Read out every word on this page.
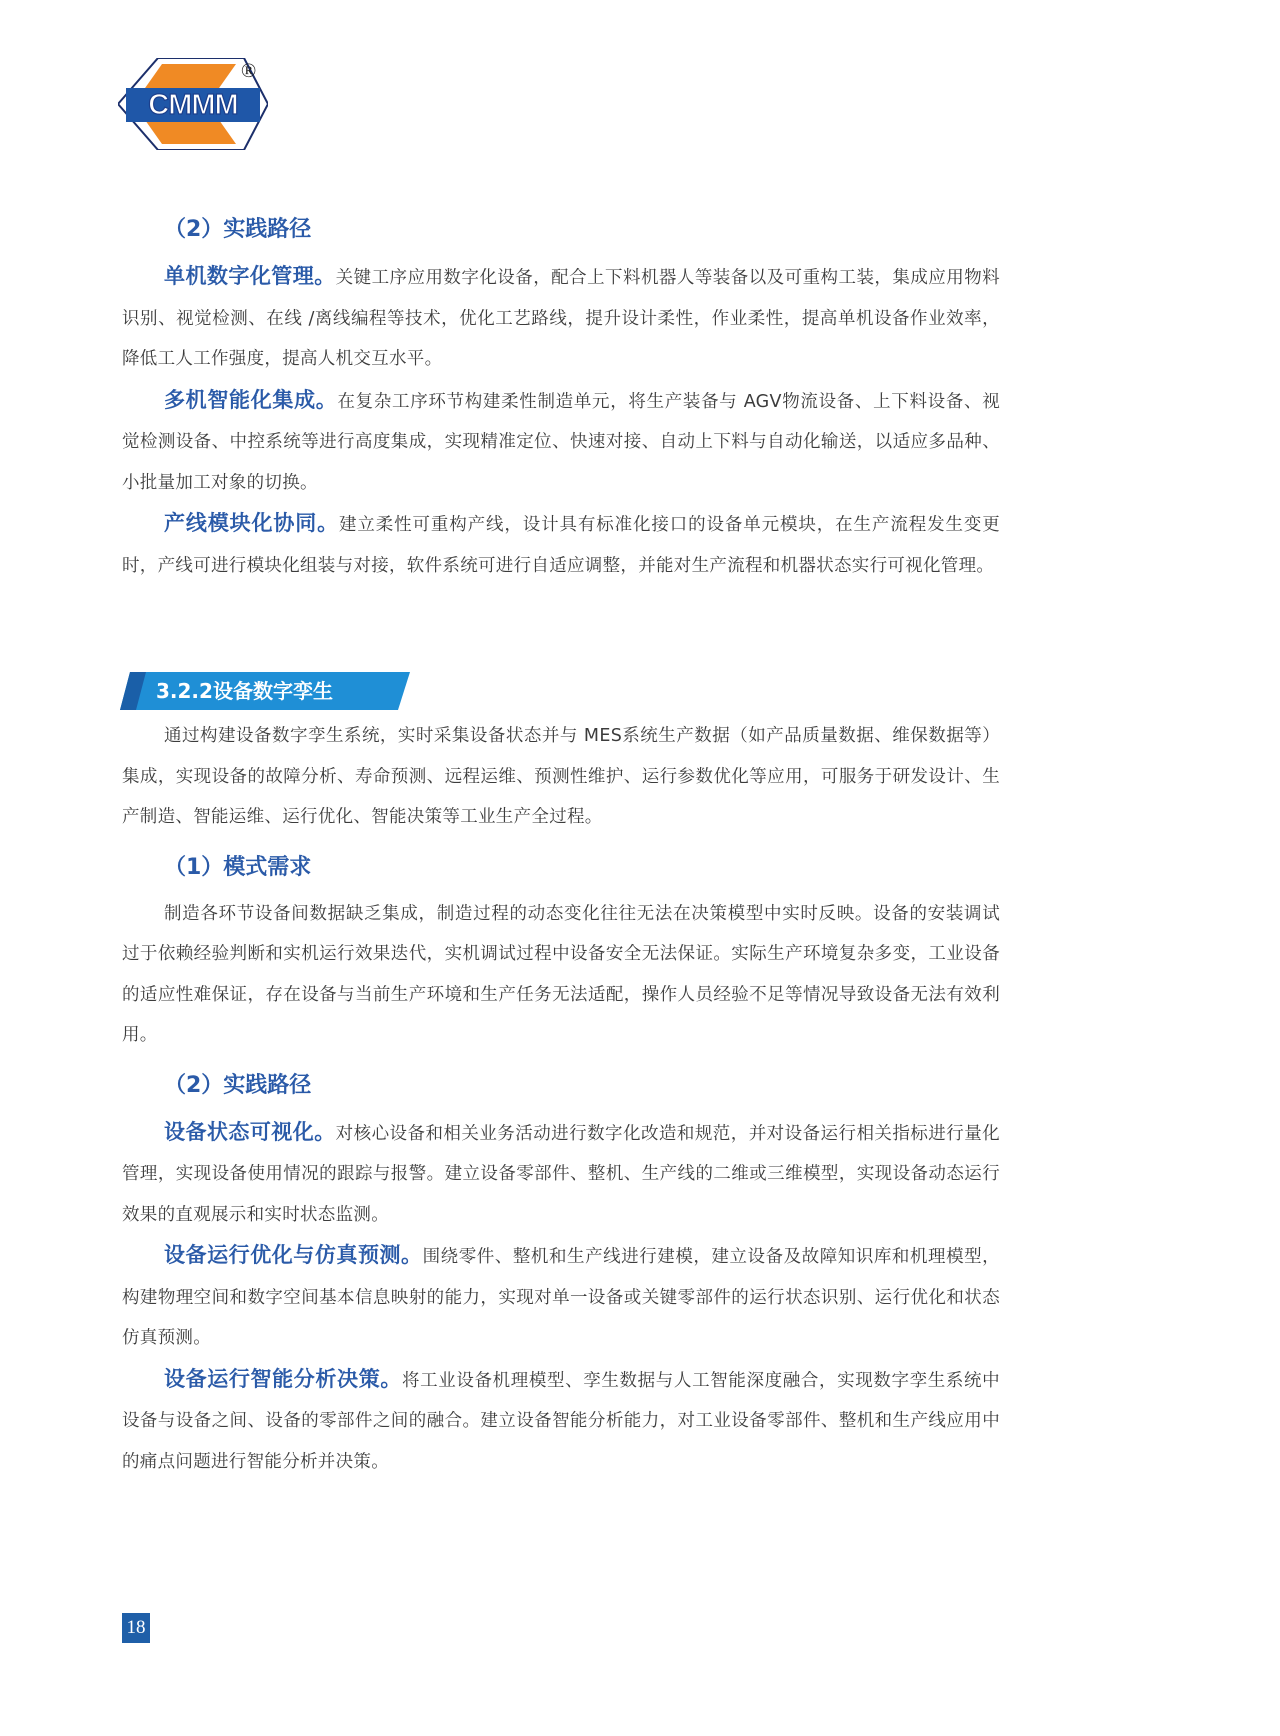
CMMM
®
（2）实践路径

单机数字化管理。关键工序应用数字化设备，配合上下料机器人等装备以及可重构工装，集成应用物料识别、视觉检测、在线 /离线编程等技术，优化工艺路线，提升设计柔性，作业柔性，提高单机设备作业效率，降低工人工作强度，提高人机交互水平。

多机智能化集成。在复杂工序环节构建柔性制造单元，将生产装备与 AGV物流设备、上下料设备、视觉检测设备、中控系统等进行高度集成，实现精准定位、快速对接、自动上下料与自动化输送，以适应多品种、小批量加工对象的切换。

产线模块化协同。建立柔性可重构产线，设计具有标准化接口的设备单元模块，在生产流程发生变更时，产线可进行模块化组装与对接，软件系统可进行自适应调整，并能对生产流程和机器状态实行可视化管理。

3.2.2设备数字孪生

通过构建设备数字孪生系统，实时采集设备状态并与 MES系统生产数据（如产品质量数据、维保数据等）集成，实现设备的故障分析、寿命预测、远程运维、预测性维护、运行参数优化等应用，可服务于研发设计、生产制造、智能运维、运行优化、智能决策等工业生产全过程。

（1）模式需求

制造各环节设备间数据缺乏集成，制造过程的动态变化往往无法在决策模型中实时反映。设备的安装调试过于依赖经验判断和实机运行效果迭代，实机调试过程中设备安全无法保证。实际生产环境复杂多变，工业设备的适应性难保证，存在设备与当前生产环境和生产任务无法适配，操作人员经验不足等情况导致设备无法有效利用。

（2）实践路径

设备状态可视化。对核心设备和相关业务活动进行数字化改造和规范，并对设备运行相关指标进行量化管理，实现设备使用情况的跟踪与报警。建立设备零部件、整机、生产线的二维或三维模型，实现设备动态运行效果的直观展示和实时状态监测。

设备运行优化与仿真预测。围绕零件、整机和生产线进行建模，建立设备及故障知识库和机理模型，构建物理空间和数字空间基本信息映射的能力，实现对单一设备或关键零部件的运行状态识别、运行优化和状态仿真预测。

设备运行智能分析决策。将工业设备机理模型、孪生数据与人工智能深度融合，实现数字孪生系统中设备与设备之间、设备的零部件之间的融合。建立设备智能分析能力，对工业设备零部件、整机和生产线应用中的痛点问题进行智能分析并决策。

18
